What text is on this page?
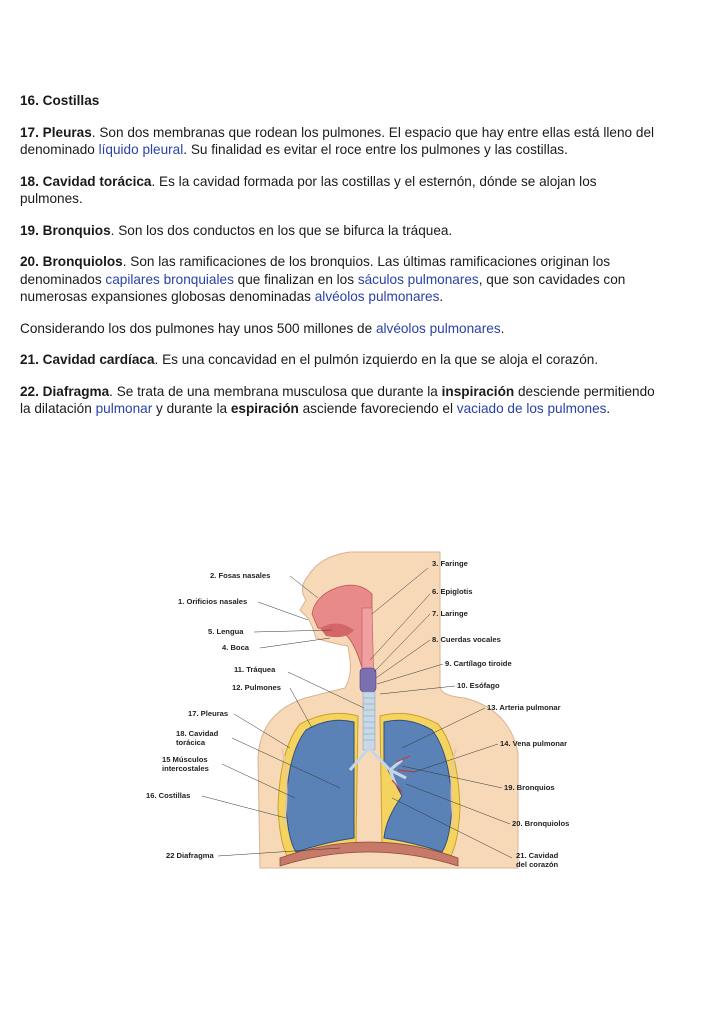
16. Costillas

17. Pleuras. Son dos membranas que rodean los pulmones. El espacio que hay entre ellas está lleno del
denominado líquido pleural. Su finalidad es evitar el roce entre los pulmones y las costillas.

18. Cavidad torácica. Es la cavidad formada por las costillas y el esternón, dónde se alojan los
pulmones.

19. Bronquios. Son los dos conductos en los que se bifurca la tráquea.

20. Bronquiolos. Son las ramificaciones de los bronquios. Las últimas ramificaciones originan los
denominados capilares bronquiales que finalizan en los sáculos pulmonares, que son cavidades con
numerosas expansiones globosas denominadas alvéolos pulmonares.

Considerando los dos pulmones hay unos 500 millones de alvéolos pulmonares.

21. Cavidad cardíaca. Es una concavidad en el pulmón izquierdo en la que se aloja el corazón.

22. Diafragma. Se trata de una membrana musculosa que durante la inspiración desciende permitiendo
la dilatación pulmonar y durante la espiración asciende favoreciendo el vaciado de los pulmones.

2. Fosas nasales
1. Orificios nasales
5. Lengua
4. Boca
11. Tráquea
12. Pulmones
17. Pleuras
18. Cavidad
torácica
15 Músculos
intercostales
16. Costillas
22 Diafragma
3. Faringe
6. Epiglotis
7. Laringe
8. Cuerdas vocales
9. Cartílago tiroide
10. Esófago
13. Arteria pulmonar
14. Vena pulmonar
19. Bronquios
20. Bronquiolos
21. Cavidad
del corazón
